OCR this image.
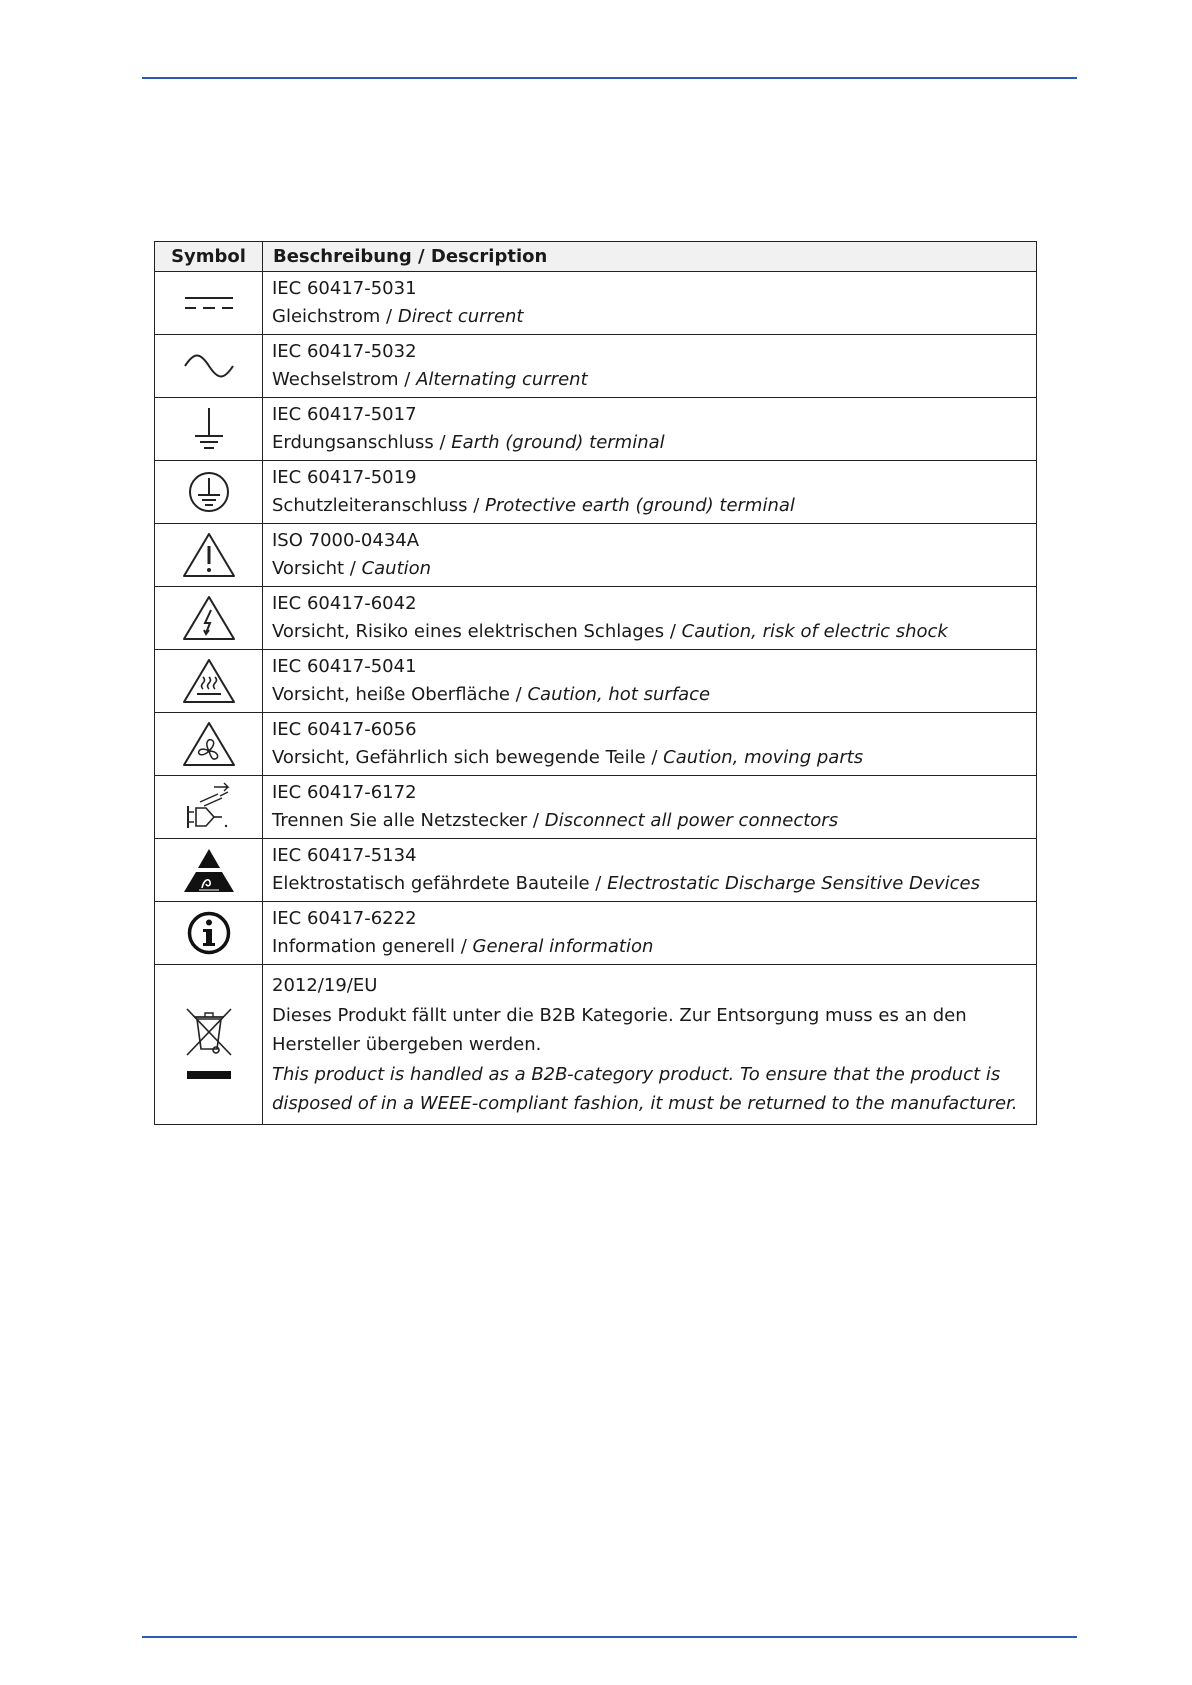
Symbol	Beschreibung / Description

IEC 60417-5031
Gleichstrom / Direct current

IEC 60417-5032
Wechselstrom / Alternating current

IEC 60417-5017
Erdungsanschluss / Earth (ground) terminal

IEC 60417-5019
Schutzleiteranschluss / Protective earth (ground) terminal

ISO 7000-0434A
Vorsicht / Caution

IEC 60417-6042
Vorsicht, Risiko eines elektrischen Schlages / Caution, risk of electric shock

IEC 60417-5041
Vorsicht, heiße Oberfläche / Caution, hot surface

IEC 60417-6056
Vorsicht, Gefährlich sich bewegende Teile / Caution, moving parts

IEC 60417-6172
Trennen Sie alle Netzstecker / Disconnect all power connectors

IEC 60417-5134
Elektrostatisch gefährdete Bauteile / Electrostatic Discharge Sensitive Devices

IEC 60417-6222
Information generell / General information

2012/19/EU
Dieses Produkt fällt unter die B2B Kategorie. Zur Entsorgung muss es an den Hersteller übergeben werden.
This product is handled as a B2B-category product. To ensure that the product is disposed of in a WEEE-compliant fashion, it must be returned to the manufacturer.
